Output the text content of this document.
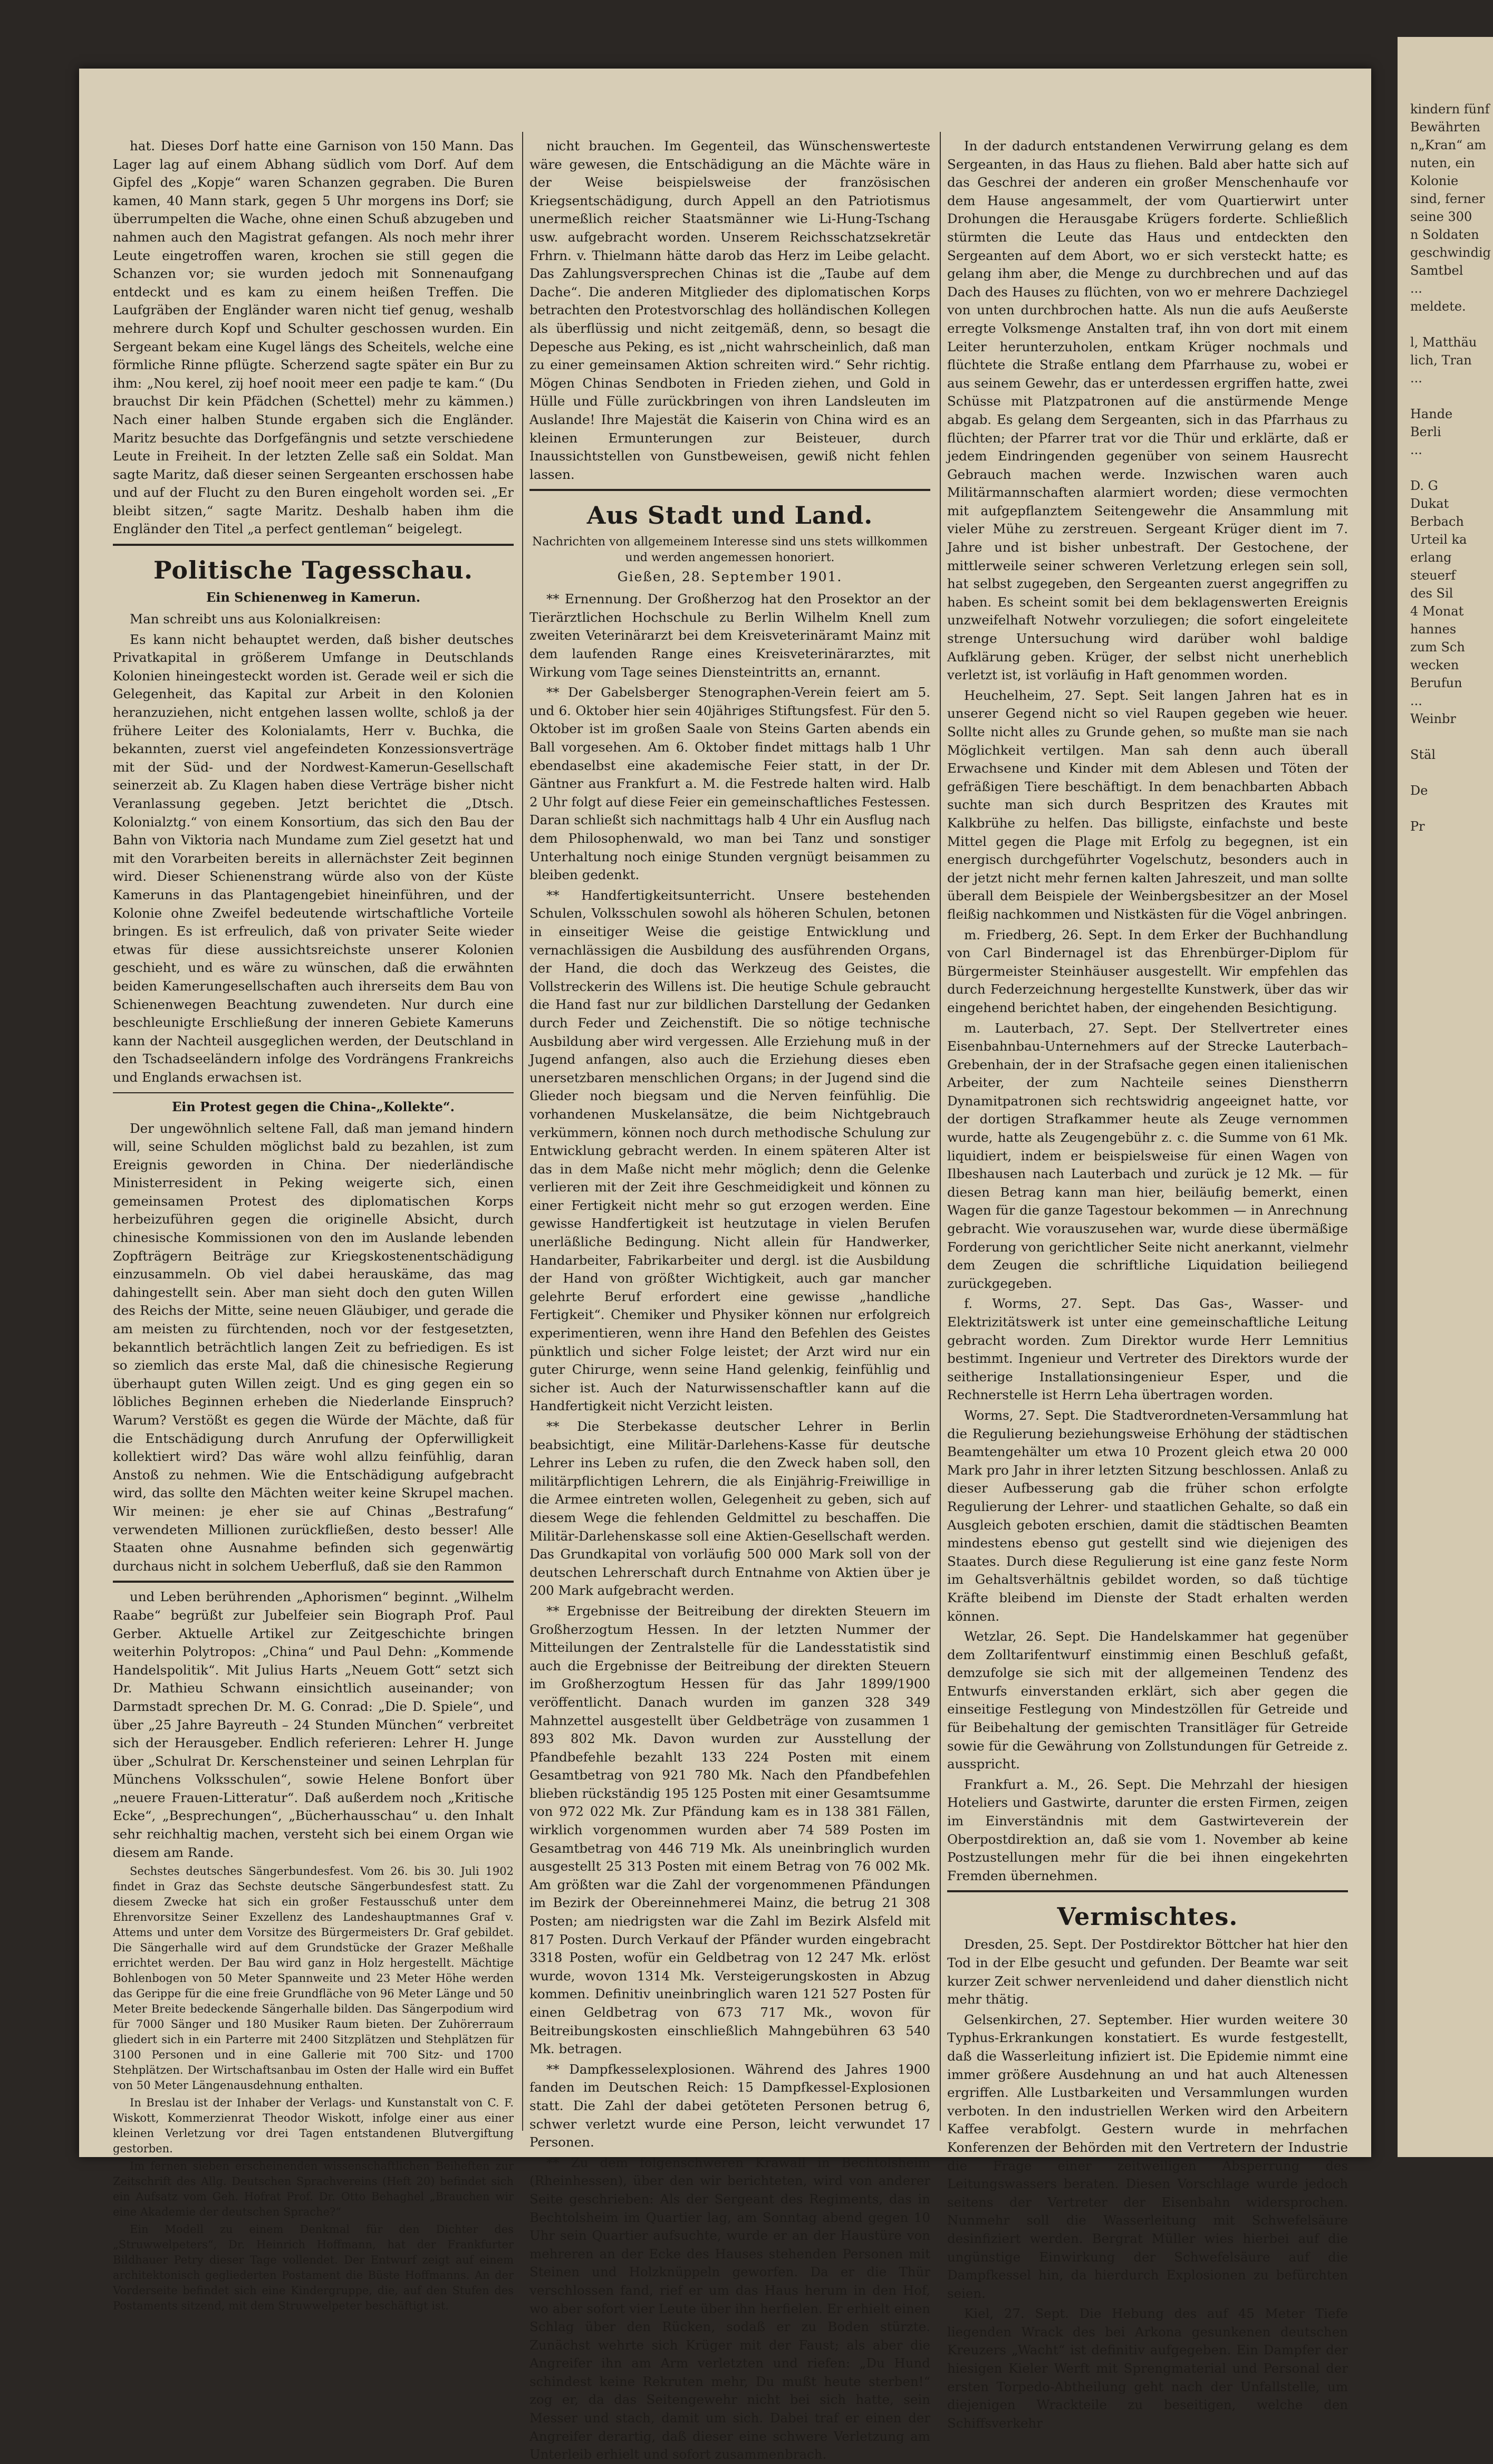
hat. Dieses Dorf hatte eine Garnison von 150 Mann. Das Lager lag auf einem Abhang südlich vom Dorf. Auf dem Gipfel des „Kopje“ waren Schanzen gegraben. Die Buren kamen, 40 Mann stark, gegen 5 Uhr morgens ins Dorf; sie überrumpelten die Wache, ohne einen Schuß abzugeben und nahmen auch den Magistrat gefangen. Als noch mehr ihrer Leute eingetroffen waren, krochen sie still gegen die Schanzen vor; sie wurden jedoch mit Sonnenaufgang entdeckt und es kam zu einem heißen Treffen. Die Laufgräben der Engländer waren nicht tief genug, weshalb mehrere durch Kopf und Schulter geschossen wurden. Ein Sergeant bekam eine Kugel längs des Scheitels, welche eine förmliche Rinne pflügte. Scherzend sagte später ein Bur zu ihm: „Nou kerel, zij hoef nooit meer een padje te kam.“ (Du brauchst Dir kein Pfädchen (Schettel) mehr zu kämmen.) Nach einer halben Stunde ergaben sich die Engländer. Maritz besuchte das Dorfgefängnis und setzte verschiedene Leute in Freiheit. In der letzten Zelle saß ein Soldat. Man sagte Maritz, daß dieser seinen Sergeanten erschossen habe und auf der Flucht zu den Buren eingeholt worden sei. „Er bleibt sitzen,“ sagte Maritz. Deshalb haben ihm die Engländer den Titel „a perfect gentleman“ beigelegt.

Politische Tagesschau.
Ein Schienenweg in Kamerun.

Man schreibt uns aus Kolonialkreisen:

Es kann nicht behauptet werden, daß bisher deutsches Privatkapital in größerem Umfange in Deutschlands Kolonien hineingesteckt worden ist. Gerade weil er sich die Gelegenheit, das Kapital zur Arbeit in den Kolonien heranzuziehen, nicht entgehen lassen wollte, schloß ja der frühere Leiter des Kolonialamts, Herr v. Buchka, die bekannten, zuerst viel angefeindeten Konzessionsverträge mit der Süd- und der Nordwest-Kamerun-Gesellschaft seinerzeit ab. Zu Klagen haben diese Verträge bisher nicht Veranlassung gegeben. Jetzt berichtet die „Dtsch. Kolonialztg.“ von einem Konsortium, das sich den Bau der Bahn von Viktoria nach Mundame zum Ziel gesetzt hat und mit den Vorarbeiten bereits in allernächster Zeit beginnen wird. Dieser Schienenstrang würde also von der Küste Kameruns in das Plantagengebiet hineinführen, und der Kolonie ohne Zweifel bedeutende wirtschaftliche Vorteile bringen. Es ist erfreulich, daß von privater Seite wieder etwas für diese aussichtsreichste unserer Kolonien geschieht, und es wäre zu wünschen, daß die erwähnten beiden Kamerungesellschaften auch ihrerseits dem Bau von Schienenwegen Beachtung zuwendeten. Nur durch eine beschleunigte Erschließung der inneren Gebiete Kameruns kann der Nachteil ausgeglichen werden, der Deutschland in den Tschadseeländern infolge des Vordrängens Frankreichs und Englands erwachsen ist.

Ein Protest gegen die China-„Kollekte“.

Der ungewöhnlich seltene Fall, daß man jemand hindern will, seine Schulden möglichst bald zu bezahlen, ist zum Ereignis geworden in China. Der niederländische Ministerresident in Peking weigerte sich, einen gemeinsamen Protest des diplomatischen Korps herbeizuführen gegen die originelle Absicht, durch chinesische Kommissionen von den im Auslande lebenden Zopfträgern Beiträge zur Kriegskostenentschädigung einzusammeln. Ob viel dabei herauskäme, das mag dahingestellt sein. Aber man sieht doch den guten Willen des Reichs der Mitte, seine neuen Gläubiger, und gerade die am meisten zu fürchtenden, noch vor der festgesetzten, bekanntlich beträchtlich langen Zeit zu befriedigen. Es ist so ziemlich das erste Mal, daß die chinesische Regierung überhaupt guten Willen zeigt. Und es ging gegen ein so löbliches Beginnen erheben die Niederlande Einspruch? Warum? Verstößt es gegen die Würde der Mächte, daß für die Entschädigung durch Anrufung der Opferwilligkeit kollektiert wird? Das wäre wohl allzu feinfühlig, daran Anstoß zu nehmen. Wie die Entschädigung aufgebracht wird, das sollte den Mächten weiter keine Skrupel machen. Wir meinen: je eher sie auf Chinas „Bestrafung“ verwendeten Millionen zurückfließen, desto besser! Alle Staaten ohne Ausnahme befinden sich gegenwärtig durchaus nicht in solchem Ueberfluß, daß sie den Rammon

und Leben berührenden „Aphorismen“ beginnt. „Wilhelm Raabe“ begrüßt zur Jubelfeier sein Biograph Prof. Paul Gerber. Aktuelle Artikel zur Zeitgeschichte bringen weiterhin Polytropos: „China“ und Paul Dehn: „Kommende Handelspolitik“. Mit Julius Harts „Neuem Gott“ setzt sich Dr. Mathieu Schwann einsichtlich auseinander; von Darmstadt sprechen Dr. M. G. Conrad: „Die D. Spiele“, und über „25 Jahre Bayreuth – 24 Stunden München“ verbreitet sich der Herausgeber. Endlich referieren: Lehrer H. Junge über „Schulrat Dr. Kerschensteiner und seinen Lehrplan für Münchens Volksschulen“, sowie Helene Bonfort über „neuere Frauen-Litteratur“. Daß außerdem noch „Kritische Ecke“, „Besprechungen“, „Bücherhausschau“ u. den Inhalt sehr reichhaltig machen, versteht sich bei einem Organ wie diesem am Rande.

Sechstes deutsches Sängerbundesfest. Vom 26. bis 30. Juli 1902 findet in Graz das Sechste deutsche Sängerbundesfest statt. Zu diesem Zwecke hat sich ein großer Festausschuß unter dem Ehrenvorsitze Seiner Exzellenz des Landeshauptmannes Graf v. Attems und unter dem Vorsitze des Bürgermeisters Dr. Graf gebildet. Die Sängerhalle wird auf dem Grundstücke der Grazer Meßhalle errichtet werden. Der Bau wird ganz in Holz hergestellt. Mächtige Bohlenbogen von 50 Meter Spannweite und 23 Meter Höhe werden das Gerippe für die eine freie Grundfläche von 96 Meter Länge und 50 Meter Breite bedeckende Sängerhalle bilden. Das Sängerpodium wird für 7000 Sänger und 180 Musiker Raum bieten. Der Zuhörerraum gliedert sich in ein Parterre mit 2400 Sitzplätzen und Stehplätzen für 3100 Personen und in eine Gallerie mit 700 Sitz- und 1700 Stehplätzen. Der Wirtschaftsanbau im Osten der Halle wird ein Buffet von 50 Meter Längenausdehnung enthalten.

In Breslau ist der Inhaber der Verlags- und Kunstanstalt von C. F. Wiskott, Kommerzienrat Theodor Wiskott, infolge einer aus einer kleinen Verletzung vor drei Tagen entstandenen Blutvergiftung gestorben.

Im fernen sieben erscheinenden wissenschaftlichen Beiheften zur Zeitschrift des Allg. Deutschen Sprachvereins (Heft 20) befindet sich ein Aufsatz vom Geh. Hofrat Prof. Dr. Otto Behaghel „Brauchen wir eine Akademie der deutschen Sprache?“

Ein Modell zu einem Denkmal für den Dichter des „Struwwelpeters“, Dr. Heinrich Hoffmann, hat der Frankfurter Bildhauer Petry dieser Tage vollendet. Der Entwurf zeigt auf einem architektonisch gegliederten Postament die Büste Hoffmanns. An der Vorderseite befindet sich eine Kindergruppe, die, auf den Stufen des Postaments sitzend, mit dem Struwwelpeter beschäftigt ist.

nicht brauchen. Im Gegenteil, das Wünschenswerteste wäre gewesen, die Entschädigung an die Mächte wäre in der Weise beispielsweise der französischen Kriegsentschädigung, durch Appell an den Patriotismus unermeßlich reicher Staatsmänner wie Li-Hung-Tschang usw. aufgebracht worden. Unserem Reichsschatzsekretär Frhrn. v. Thielmann hätte darob das Herz im Leibe gelacht. Das Zahlungsversprechen Chinas ist die „Taube auf dem Dache“. Die anderen Mitglieder des diplomatischen Korps betrachten den Protestvorschlag des holländischen Kollegen als überflüssig und nicht zeitgemäß, denn, so besagt die Depesche aus Peking, es ist „nicht wahrscheinlich, daß man zu einer gemeinsamen Aktion schreiten wird.“ Sehr richtig. Mögen Chinas Sendboten in Frieden ziehen, und Gold in Hülle und Fülle zurückbringen von ihren Landsleuten im Auslande! Ihre Majestät die Kaiserin von China wird es an kleinen Ermunterungen zur Beisteuer, durch Inaussichtstellen von Gunstbeweisen, gewiß nicht fehlen lassen.

Aus Stadt und Land.
Nachrichten von allgemeinem Interesse sind uns stets willkommen und werden angemessen honoriert.
Gießen, 28. September 1901.

** Ernennung. Der Großherzog hat den Prosektor an der Tierärztlichen Hochschule zu Berlin Wilhelm Knell zum zweiten Veterinärarzt bei dem Kreisveterinäramt Mainz mit dem laufenden Range eines Kreisveterinärarztes, mit Wirkung vom Tage seines Diensteintritts an, ernannt.

** Der Gabelsberger Stenographen-Verein feiert am 5. und 6. Oktober hier sein 40jähriges Stiftungsfest. Für den 5. Oktober ist im großen Saale von Steins Garten abends ein Ball vorgesehen. Am 6. Oktober findet mittags halb 1 Uhr ebendaselbst eine akademische Feier statt, in der Dr. Gäntner aus Frankfurt a. M. die Festrede halten wird. Halb 2 Uhr folgt auf diese Feier ein gemeinschaftliches Festessen. Daran schließt sich nachmittags halb 4 Uhr ein Ausflug nach dem Philosophenwald, wo man bei Tanz und sonstiger Unterhaltung noch einige Stunden vergnügt beisammen zu bleiben gedenkt.

** Handfertigkeitsunterricht. Unsere bestehenden Schulen, Volksschulen sowohl als höheren Schulen, betonen in einseitiger Weise die geistige Entwicklung und vernachlässigen die Ausbildung des ausführenden Organs, der Hand, die doch das Werkzeug des Geistes, die Vollstreckerin des Willens ist. Die heutige Schule gebraucht die Hand fast nur zur bildlichen Darstellung der Gedanken durch Feder und Zeichenstift. Die so nötige technische Ausbildung aber wird vergessen. Alle Erziehung muß in der Jugend anfangen, also auch die Erziehung dieses eben unersetzbaren menschlichen Organs; in der Jugend sind die Glieder noch biegsam und die Nerven feinfühlig. Die vorhandenen Muskelansätze, die beim Nichtgebrauch verkümmern, können noch durch methodische Schulung zur Entwicklung gebracht werden. In einem späteren Alter ist das in dem Maße nicht mehr möglich; denn die Gelenke verlieren mit der Zeit ihre Geschmeidigkeit und können zu einer Fertigkeit nicht mehr so gut erzogen werden. Eine gewisse Handfertigkeit ist heutzutage in vielen Berufen unerläßliche Bedingung. Nicht allein für Handwerker, Handarbeiter, Fabrikarbeiter und dergl. ist die Ausbildung der Hand von größter Wichtigkeit, auch gar mancher gelehrte Beruf erfordert eine gewisse „handliche Fertigkeit“. Chemiker und Physiker können nur erfolgreich experimentieren, wenn ihre Hand den Befehlen des Geistes pünktlich und sicher Folge leistet; der Arzt wird nur ein guter Chirurge, wenn seine Hand gelenkig, feinfühlig und sicher ist. Auch der Naturwissenschaftler kann auf die Handfertigkeit nicht Verzicht leisten.

** Die Sterbekasse deutscher Lehrer in Berlin beabsichtigt, eine Militär-Darlehens-Kasse für deutsche Lehrer ins Leben zu rufen, die den Zweck haben soll, den militärpflichtigen Lehrern, die als Einjährig-Freiwillige in die Armee eintreten wollen, Gelegenheit zu geben, sich auf diesem Wege die fehlenden Geldmittel zu beschaffen. Die Militär-Darlehenskasse soll eine Aktien-Gesellschaft werden. Das Grundkapital von vorläufig 500 000 Mark soll von der deutschen Lehrerschaft durch Entnahme von Aktien über je 200 Mark aufgebracht werden.

** Ergebnisse der Beitreibung der direkten Steuern im Großherzogtum Hessen. In der letzten Nummer der Mitteilungen der Zentralstelle für die Landesstatistik sind auch die Ergebnisse der Beitreibung der direkten Steuern im Großherzogtum Hessen für das Jahr 1899/1900 veröffentlicht. Danach wurden im ganzen 328 349 Mahnzettel ausgestellt über Geldbeträge von zusammen 1 893 802 Mk. Davon wurden zur Ausstellung der Pfandbefehle bezahlt 133 224 Posten mit einem Gesamtbetrag von 921 780 Mk. Nach den Pfandbefehlen blieben rückständig 195 125 Posten mit einer Gesamtsumme von 972 022 Mk. Zur Pfändung kam es in 138 381 Fällen, wirklich vorgenommen wurden aber 74 589 Posten im Gesamtbetrag von 446 719 Mk. Als uneinbringlich wurden ausgestellt 25 313 Posten mit einem Betrag von 76 002 Mk. Am größten war die Zahl der vorgenommenen Pfändungen im Bezirk der Obereinnehmerei Mainz, die betrug 21 308 Posten; am niedrigsten war die Zahl im Bezirk Alsfeld mit 817 Posten. Durch Verkauf der Pfänder wurden eingebracht 3318 Posten, wofür ein Geldbetrag von 12 247 Mk. erlöst wurde, wovon 1314 Mk. Versteigerungskosten in Abzug kommen. Definitiv uneinbringlich waren 121 527 Posten für einen Geldbetrag von 673 717 Mk., wovon für Beitreibungskosten einschließlich Mahngebühren 63 540 Mk. betragen.

** Dampfkesselexplosionen. Während des Jahres 1900 fanden im Deutschen Reich: 15 Dampfkessel-Explosionen statt. Die Zahl der dabei getöteten Personen betrug 6, schwer verletzt wurde eine Person, leicht verwundet 17 Personen.

** Zu dem folgenschweren Krawall in Bechtolsheim (Rheinhessen), über den wir berichteten, wird von anderer Seite geschrieben: Als der Sergeant des Regiments, das in Bechtolsheim im Quartier lag, am Sonntag abend gegen 10 Uhr sein Quartier aufsuchte, wurde er an der Haustüre von mehreren an der Ecke des Hauses stehenden Personen mit Steinen und Holzknüppeln geworfen. Da er die Thür verschlossen fand, rief er um das Haus herum in den Hof, wo aber sofort vier Leute über ihn herfielen. Er erhielt einen Schlag über den Rücken, sodaß er zu Boden stürzte. Zunächst wehrte sich Krüger mit der Faust; als aber die Angreifer ihn am Arm verletzten und riefen: „Du Hund schindest keine Rekruten mehr, Du mußt heute sterben!“ zog er, da das Seitengewehr nicht bei sich hatte, sein Messer und stach, damit um sich. Dabei traf er einen der Angreifer derartig, daß dieser eine schwere Verletzung am Unterleib erhielt und sofort zusammenbrach.

In der dadurch entstandenen Verwirrung gelang es dem Sergeanten, in das Haus zu fliehen. Bald aber hatte sich auf das Geschrei der anderen ein großer Menschenhaufe vor dem Hause angesammelt, der vom Quartierwirt unter Drohungen die Herausgabe Krügers forderte. Schließlich stürmten die Leute das Haus und entdeckten den Sergeanten auf dem Abort, wo er sich versteckt hatte; es gelang ihm aber, die Menge zu durchbrechen und auf das Dach des Hauses zu flüchten, von wo er mehrere Dachziegel von unten durchbrochen hatte. Als nun die aufs Aeußerste erregte Volksmenge Anstalten traf, ihn von dort mit einem Leiter herunterzuholen, entkam Krüger nochmals und flüchtete die Straße entlang dem Pfarrhause zu, wobei er aus seinem Gewehr, das er unterdessen ergriffen hatte, zwei Schüsse mit Platzpatronen auf die anstürmende Menge abgab. Es gelang dem Sergeanten, sich in das Pfarrhaus zu flüchten; der Pfarrer trat vor die Thür und erklärte, daß er jedem Eindringenden gegenüber von seinem Hausrecht Gebrauch machen werde. Inzwischen waren auch Militärmannschaften alarmiert worden; diese vermochten mit aufgepflanztem Seitengewehr die Ansammlung mit vieler Mühe zu zerstreuen. Sergeant Krüger dient im 7. Jahre und ist bisher unbestraft. Der Gestochene, der mittlerweile seiner schweren Verletzung erlegen sein soll, hat selbst zugegeben, den Sergeanten zuerst angegriffen zu haben. Es scheint somit bei dem beklagenswerten Ereignis unzweifelhaft Notwehr vorzuliegen; die sofort eingeleitete strenge Untersuchung wird darüber wohl baldige Aufklärung geben. Krüger, der selbst nicht unerheblich verletzt ist, ist vorläufig in Haft genommen worden.

Heuchelheim, 27. Sept. Seit langen Jahren hat es in unserer Gegend nicht so viel Raupen gegeben wie heuer. Sollte nicht alles zu Grunde gehen, so mußte man sie nach Möglichkeit vertilgen. Man sah denn auch überall Erwachsene und Kinder mit dem Ablesen und Töten der gefräßigen Tiere beschäftigt. In dem benachbarten Abbach suchte man sich durch Bespritzen des Krautes mit Kalkbrühe zu helfen. Das billigste, einfachste und beste Mittel gegen die Plage mit Erfolg zu begegnen, ist ein energisch durchgeführter Vogelschutz, besonders auch in der jetzt nicht mehr fernen kalten Jahreszeit, und man sollte überall dem Beispiele der Weinbergsbesitzer an der Mosel fleißig nachkommen und Nistkästen für die Vögel anbringen.

m. Friedberg, 26. Sept. In dem Erker der Buchhandlung von Carl Bindernagel ist das Ehrenbürger-Diplom für Bürgermeister Steinhäuser ausgestellt. Wir empfehlen das durch Federzeichnung hergestellte Kunstwerk, über das wir eingehend berichtet haben, der eingehenden Besichtigung.

m. Lauterbach, 27. Sept. Der Stellvertreter eines Eisenbahnbau-Unternehmers auf der Strecke Lauterbach–Grebenhain, der in der Strafsache gegen einen italienischen Arbeiter, der zum Nachteile seines Dienstherrn Dynamitpatronen sich rechtswidrig angeeignet hatte, vor der dortigen Strafkammer heute als Zeuge vernommen wurde, hatte als Zeugengebühr z. c. die Summe von 61 Mk. liquidiert, indem er beispielsweise für einen Wagen von Ilbeshausen nach Lauterbach und zurück je 12 Mk. — für diesen Betrag kann man hier, beiläufig bemerkt, einen Wagen für die ganze Tagestour bekommen — in Anrechnung gebracht. Wie vorauszusehen war, wurde diese übermäßige Forderung von gerichtlicher Seite nicht anerkannt, vielmehr dem Zeugen die schriftliche Liquidation beiliegend zurückgegeben.

f. Worms, 27. Sept. Das Gas-, Wasser- und Elektrizitätswerk ist unter eine gemeinschaftliche Leitung gebracht worden. Zum Direktor wurde Herr Lemnitius bestimmt. Ingenieur und Vertreter des Direktors wurde der seitherige Installationsingenieur Esper, und die Rechnerstelle ist Herrn Leha übertragen worden.

Worms, 27. Sept. Die Stadtverordneten-Versammlung hat die Regulierung beziehungsweise Erhöhung der städtischen Beamtengehälter um etwa 10 Prozent gleich etwa 20 000 Mark pro Jahr in ihrer letzten Sitzung beschlossen. Anlaß zu dieser Aufbesserung gab die früher schon erfolgte Regulierung der Lehrer- und staatlichen Gehalte, so daß ein Ausgleich geboten erschien, damit die städtischen Beamten mindestens ebenso gut gestellt sind wie diejenigen des Staates. Durch diese Regulierung ist eine ganz feste Norm im Gehaltsverhältnis gebildet worden, so daß tüchtige Kräfte bleibend im Dienste der Stadt erhalten werden können.

Wetzlar, 26. Sept. Die Handelskammer hat gegenüber dem Zolltarifentwurf einstimmig einen Beschluß gefaßt, demzufolge sie sich mit der allgemeinen Tendenz des Entwurfs einverstanden erklärt, sich aber gegen die einseitige Festlegung von Mindestzöllen für Getreide und für Beibehaltung der gemischten Transitläger für Getreide sowie für die Gewährung von Zollstundungen für Getreide z. ausspricht.

Frankfurt a. M., 26. Sept. Die Mehrzahl der hiesigen Hoteliers und Gastwirte, darunter die ersten Firmen, zeigen im Einverständnis mit dem Gastwirteverein der Oberpostdirektion an, daß sie vom 1. November ab keine Postzustellungen mehr für die bei ihnen eingekehrten Fremden übernehmen.

Vermischtes.

Dresden, 25. Sept. Der Postdirektor Böttcher hat hier den Tod in der Elbe gesucht und gefunden. Der Beamte war seit kurzer Zeit schwer nervenleidend und daher dienstlich nicht mehr thätig.

Gelsenkirchen, 27. September. Hier wurden weitere 30 Typhus-Erkrankungen konstatiert. Es wurde festgestellt, daß die Wasserleitung infiziert ist. Die Epidemie nimmt eine immer größere Ausdehnung an und hat auch Altenessen ergriffen. Alle Lustbarkeiten und Versammlungen wurden verboten. In den industriellen Werken wird den Arbeitern Kaffee verabfolgt. Gestern wurde in mehrfachen Konferenzen der Behörden mit den Vertretern der Industrie die Frage einer zeitweiligen Absperrung des Leitungswassers beraten. Diesen Vorschlage wurde jedoch seitens der Vertreter der Eisenbahn widersprochen. Nunmehr soll die Wasserleitung mit Schwefelsäure desinfiziert werden. Bergrat Müller wies hierbei auf die ungünstige Einwirkung der Schwefelsäure auf die Dampfkessel hin, da hierdurch Explosionen zu befürchten seien.

Kiel, 27. Sept. Die Hebung des auf 45 Meter Tiefe liegenden Wrack des bei Arkona gesunkenen deutschen Kreuzers „Wacht“ ist definitiv aufgegeben. Ein Dampfer der hiesigen Kieler Werft mit Sprengmaterial und Personal der ersten Torpedo-Abtheilung geht nach der Unfallstelle, um diejenigen Wrackteile zu beseitigen, welche den Schiffsverkehr

kindern fünf
Bewährten
n„Kran“ am
nuten, ein
Kolonie
sind, ferner
seine 300
n Soldaten
geschwindig
Samtbel
...
meldete.

l, Matthäu
lich, Tran
...

Hande
Berli
...

D. G
Dukat
Berbach
Urteil ka
erlang
steuerf
des Sil
4 Monat
hannes
zum Sch
wecken
Berufun
...
Weinbr

Stäl

De

Pr
